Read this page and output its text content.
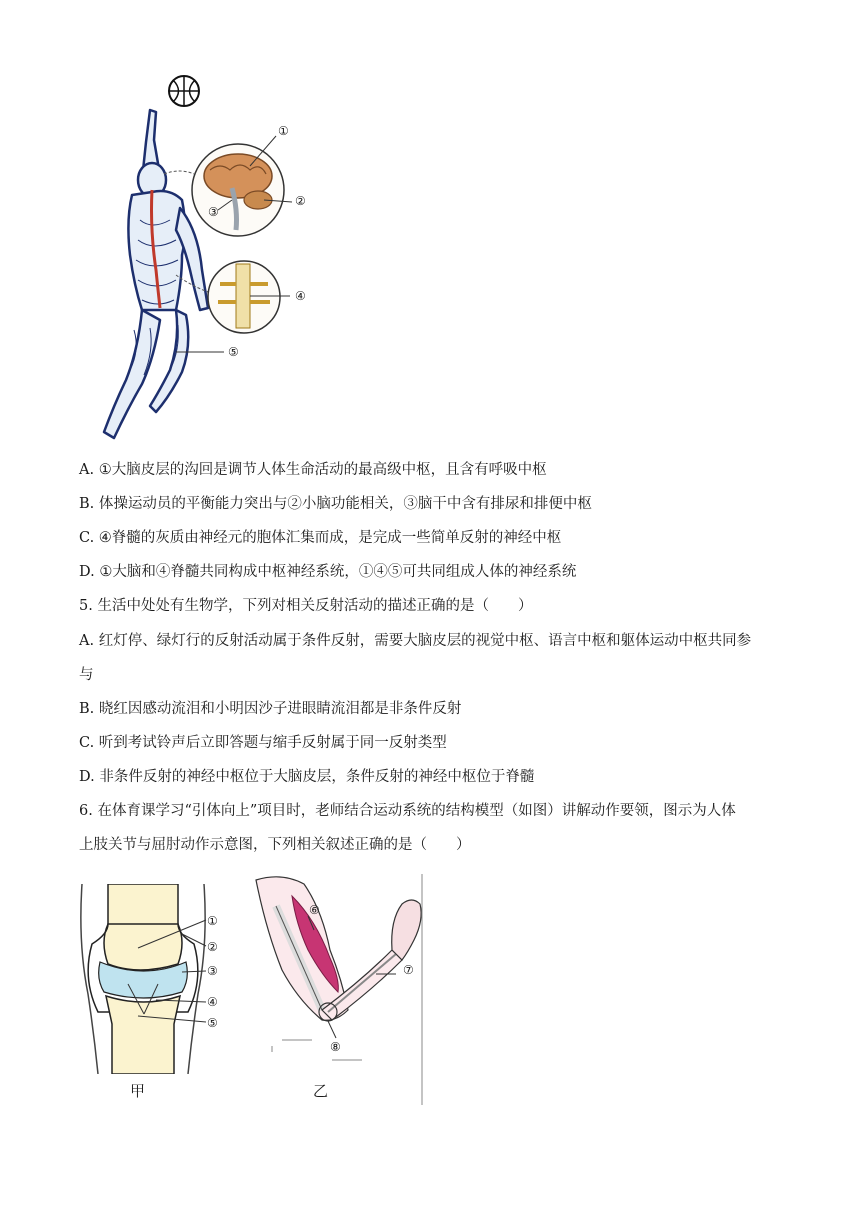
①
②
③
④
⑤
A. ①大脑皮层的沟回是调节人体生命活动的最高级中枢，且含有呼吸中枢
B. 体操运动员的平衡能力突出与②小脑功能相关，③脑干中含有排尿和排便中枢
C. ④脊髓的灰质由神经元的胞体汇集而成，是完成一些简单反射的神经中枢
D. ①大脑和④脊髓共同构成中枢神经系统，①④⑤可共同组成人体的神经系统
5. 生活中处处有生物学，下列对相关反射活动的描述正确的是（　　）
A. 红灯停、绿灯行的反射活动属于条件反射，需要大脑皮层的视觉中枢、语言中枢和躯体运动中枢共同参
与
B. 晓红因感动流泪和小明因沙子进眼睛流泪都是非条件反射
C. 听到考试铃声后立即答题与缩手反射属于同一反射类型
D. 非条件反射的神经中枢位于大脑皮层，条件反射的神经中枢位于脊髓
6. 在体育课学习“引体向上”项目时，老师结合运动系统的结构模型（如图）讲解动作要领，图示为人体
上肢关节与屈肘动作示意图，下列相关叙述正确的是（　　）
①
②
③
④
⑤
甲
⑥
⑦
⑧
乙
